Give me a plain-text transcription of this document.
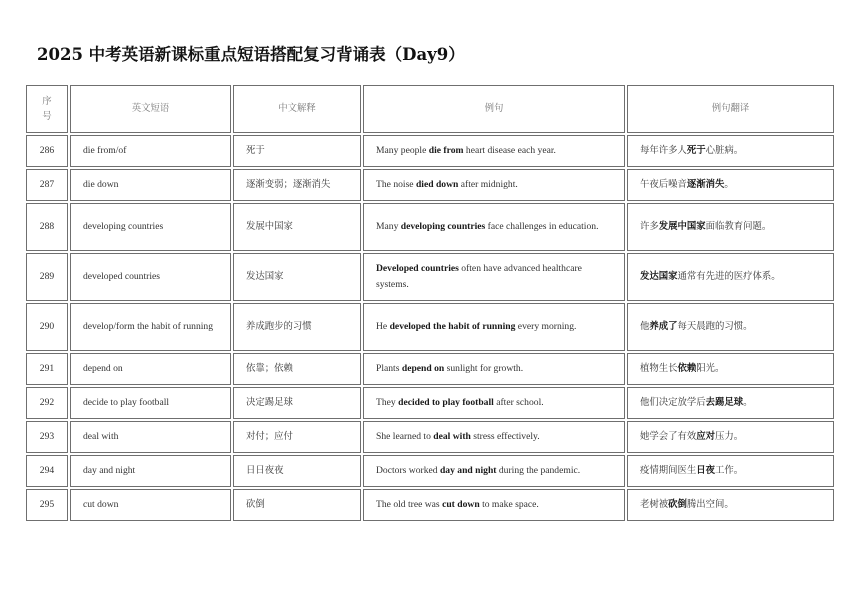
2025 中考英语新课标重点短语搭配复习背诵表（Day9）
序号	英文短语	中文解释	例句	例句翻译
286	die from/of	死于	Many people die from heart disease each year.	每年许多人死于心脏病。
287	die down	逐渐变弱；逐渐消失	The noise died down after midnight.	午夜后噪音逐渐消失。
288	developing countries	发展中国家	Many developing countries face challenges in education.	许多发展中国家面临教育问题。
289	developed countries	发达国家	Developed countries often have advanced healthcare systems.	发达国家通常有先进的医疗体系。
290	develop/form the habit of running	养成跑步的习惯	He developed the habit of running every morning.	他养成了每天晨跑的习惯。
291	depend on	依靠；依赖	Plants depend on sunlight for growth.	植物生长依赖阳光。
292	decide to play football	决定踢足球	They decided to play football after school.	他们决定放学后去踢足球。
293	deal with	对付；应付	She learned to deal with stress effectively.	她学会了有效应对压力。
294	day and night	日日夜夜	Doctors worked day and night during the pandemic.	疫情期间医生日夜工作。
295	cut down	砍倒	The old tree was cut down to make space.	老树被砍倒腾出空间。
